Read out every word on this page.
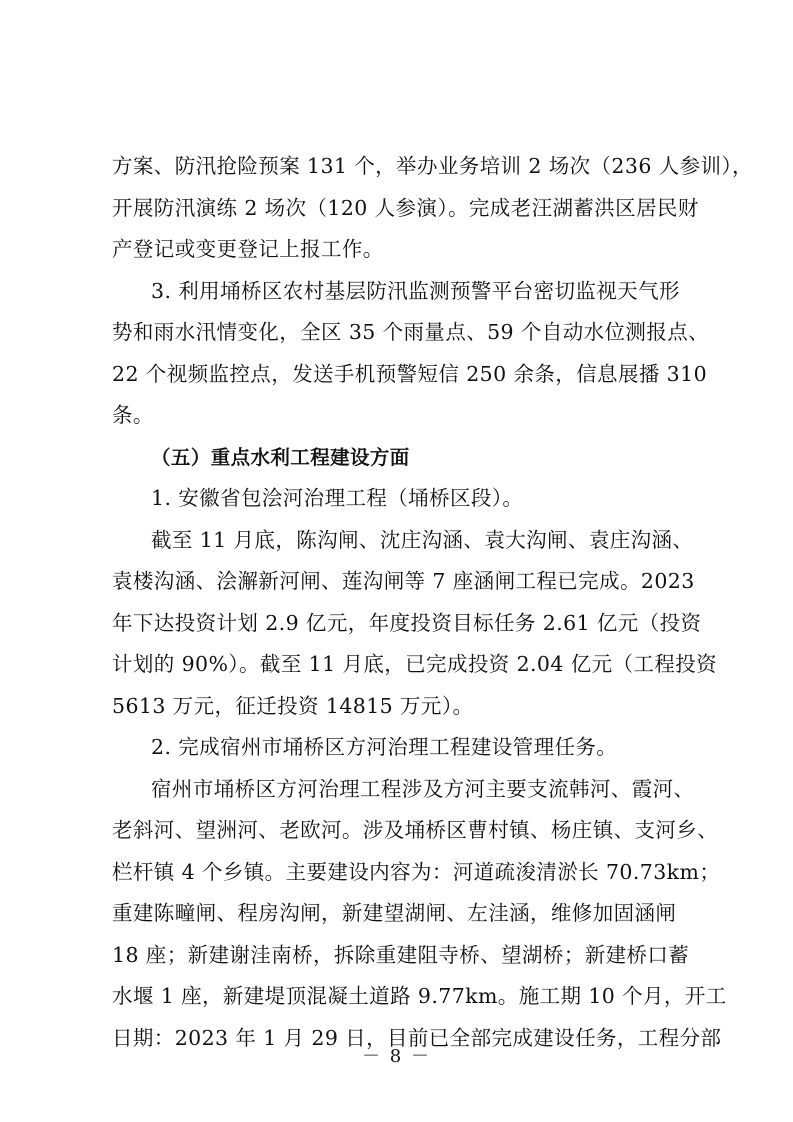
方案、防汛抢险预案 131 个，举办业务培训 2 场次（236 人参训），
开展防汛演练 2 场次（120 人参演）。完成老汪湖蓄洪区居民财
产登记或变更登记上报工作。
3. 利用埇桥区农村基层防汛监测预警平台密切监视天气形
势和雨水汛情变化，全区 35 个雨量点、59 个自动水位测报点、
22 个视频监控点，发送手机预警短信 250 余条，信息展播 310
条。
（五）重点水利工程建设方面
1. 安徽省包浍河治理工程（埇桥区段）。
截至 11 月底，陈沟闸、沈庄沟涵、袁大沟闸、袁庄沟涵、
袁楼沟涵、浍澥新河闸、莲沟闸等 7 座涵闸工程已完成。2023
年下达投资计划 2.9 亿元，年度投资目标任务 2.61 亿元（投资
计划的 90%）。截至 11 月底，已完成投资 2.04 亿元（工程投资
5613 万元，征迁投资 14815 万元）。
2. 完成宿州市埇桥区方河治理工程建设管理任务。
宿州市埇桥区方河治理工程涉及方河主要支流韩河、霞河、
老斜河、望洲河、老欧河。涉及埇桥区曹村镇、杨庄镇、支河乡、
栏杆镇 4 个乡镇。主要建设内容为：河道疏浚清淤长 70.73km；
重建陈疃闸、程房沟闸，新建望湖闸、左洼涵，维修加固涵闸
18 座；新建谢洼南桥，拆除重建阻寺桥、望湖桥；新建桥口蓄
水堰 1 座，新建堤顶混凝土道路 9.77km。施工期 10 个月，开工
日期：2023 年 1 月 29 日，目前已全部完成建设任务，工程分部
－ 8 －
